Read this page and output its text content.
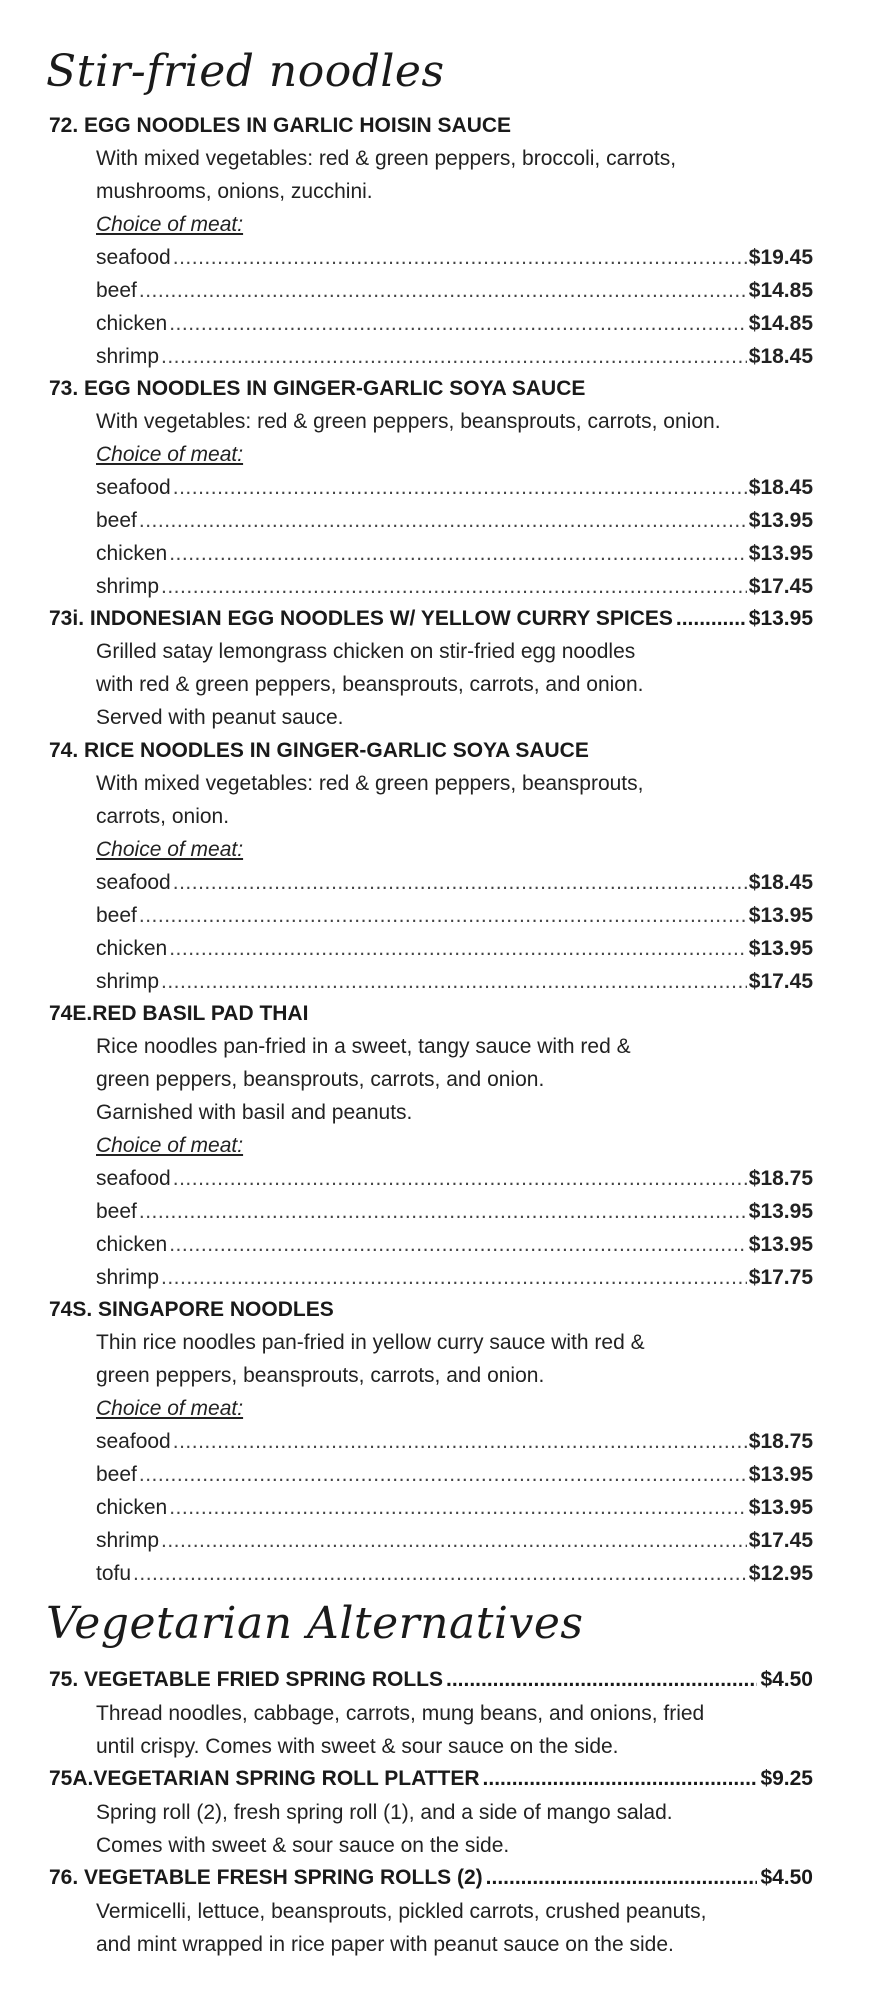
Stir-fried noodles
72. EGG NOODLES IN GARLIC HOISIN SAUCE
With mixed vegetables: red & green peppers, broccoli, carrots,
mushrooms, onions, zucchini.
Choice of meat:
seafood .....	$19.45
beef .....	$14.85
chicken .....	$14.85
shrimp .....	$18.45
73. EGG NOODLES IN GINGER-GARLIC SOYA SAUCE
With vegetables: red & green peppers, beansprouts, carrots, onion.
Choice of meat:
seafood .....	$18.45
beef .....	$13.95
chicken .....	$13.95
shrimp .....	$17.45
73i. INDONESIAN EGG NOODLES W/ YELLOW CURRY SPICES .....	$13.95
Grilled satay lemongrass chicken on stir-fried egg noodles
with red & green peppers, beansprouts, carrots, and onion.
Served with peanut sauce.
74. RICE NOODLES IN GINGER-GARLIC SOYA SAUCE
With mixed vegetables: red & green peppers, beansprouts,
carrots, onion.
Choice of meat:
seafood .....	$18.45
beef .....	$13.95
chicken .....	$13.95
shrimp .....	$17.45
74E.RED BASIL PAD THAI
Rice noodles pan-fried in a sweet, tangy sauce with red &
green peppers, beansprouts, carrots, and onion.
Garnished with basil and peanuts.
Choice of meat:
seafood .....	$18.75
beef .....	$13.95
chicken .....	$13.95
shrimp .....	$17.75
74S. SINGAPORE NOODLES
Thin rice noodles pan-fried in yellow curry sauce with red &
green peppers, beansprouts, carrots, and onion.
Choice of meat:
seafood .....	$18.75
beef .....	$13.95
chicken .....	$13.95
shrimp .....	$17.45
tofu .....	$12.95
Vegetarian Alternatives
75. VEGETABLE FRIED SPRING ROLLS .....	$4.50
Thread noodles, cabbage, carrots, mung beans, and onions, fried
until crispy. Comes with sweet & sour sauce on the side.
75A.VEGETARIAN SPRING ROLL PLATTER .....	$9.25
Spring roll (2), fresh spring roll (1), and a side of mango salad.
Comes with sweet & sour sauce on the side.
76. VEGETABLE FRESH SPRING ROLLS (2) .....	$4.50
Vermicelli, lettuce, beansprouts, pickled carrots, crushed peanuts,
and mint wrapped in rice paper with peanut sauce on the side.
